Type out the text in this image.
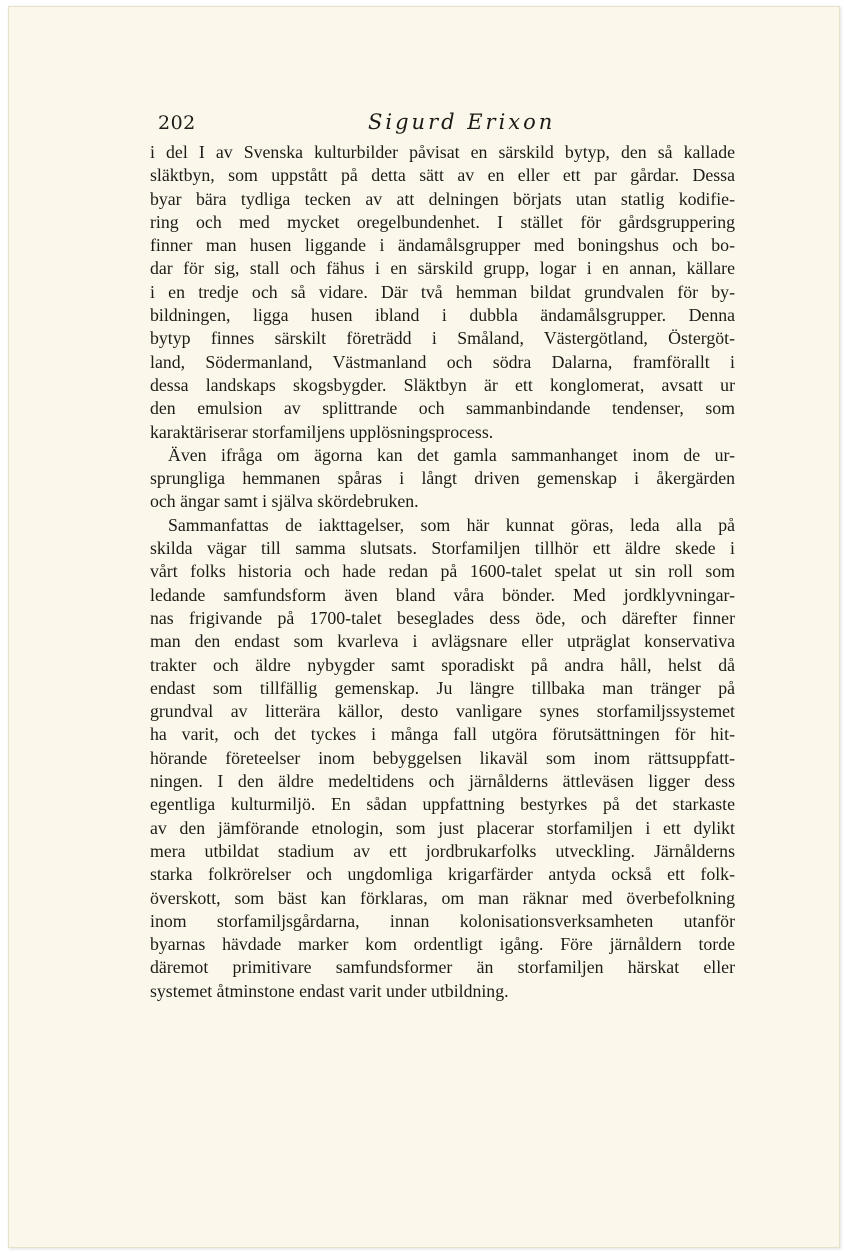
202	Sigurd Erixon
i del I av Svenska kulturbilder påvisat en särskild bytyp, den så kallade
släktbyn, som uppstått på detta sätt av en eller ett par gårdar. Dessa
byar bära tydliga tecken av att delningen börjats utan statlig kodifie-
ring och med mycket oregelbundenhet. I stället för gårdsgruppering
finner man husen liggande i ändamålsgrupper med boningshus och bo-
dar för sig, stall och fähus i en särskild grupp, logar i en annan, källare
i en tredje och så vidare. Där två hemman bildat grundvalen för by-
bildningen, ligga husen ibland i dubbla ändamålsgrupper. Denna
bytyp finnes särskilt företrädd i Småland, Västergötland, Östergöt-
land, Södermanland, Västmanland och södra Dalarna, framförallt i
dessa landskaps skogsbygder. Släktbyn är ett konglomerat, avsatt ur
den emulsion av splittrande och sammanbindande tendenser, som
karaktäriserar storfamiljens upplösningsprocess.
Även ifråga om ägorna kan det gamla sammanhanget inom de ur-
sprungliga hemmanen spåras i långt driven gemenskap i åkergärden
och ängar samt i själva skördebruken.
Sammanfattas de iakttagelser, som här kunnat göras, leda alla på
skilda vägar till samma slutsats. Storfamiljen tillhör ett äldre skede i
vårt folks historia och hade redan på 1600-talet spelat ut sin roll som
ledande samfundsform även bland våra bönder. Med jordklyvningar-
nas frigivande på 1700-talet beseglades dess öde, och därefter finner
man den endast som kvarleva i avlägsnare eller utpräglat konservativa
trakter och äldre nybygder samt sporadiskt på andra håll, helst då
endast som tillfällig gemenskap. Ju längre tillbaka man tränger på
grundval av litterära källor, desto vanligare synes storfamiljssystemet
ha varit, och det tyckes i många fall utgöra förutsättningen för hit-
hörande företeelser inom bebyggelsen likaväl som inom rättsuppfatt-
ningen. I den äldre medeltidens och järnålderns ättleväsen ligger dess
egentliga kulturmiljö. En sådan uppfattning bestyrkes på det starkaste
av den jämförande etnologin, som just placerar storfamiljen i ett dylikt
mera utbildat stadium av ett jordbrukarfolks utveckling. Järnålderns
starka folkrörelser och ungdomliga krigarfärder antyda också ett folk-
överskott, som bäst kan förklaras, om man räknar med överbefolkning
inom storfamiljsgårdarna, innan kolonisationsverksamheten utanför
byarnas hävdade marker kom ordentligt igång. Före järnåldern torde
däremot primitivare samfundsformer än storfamiljen härskat eller
systemet åtminstone endast varit under utbildning.
